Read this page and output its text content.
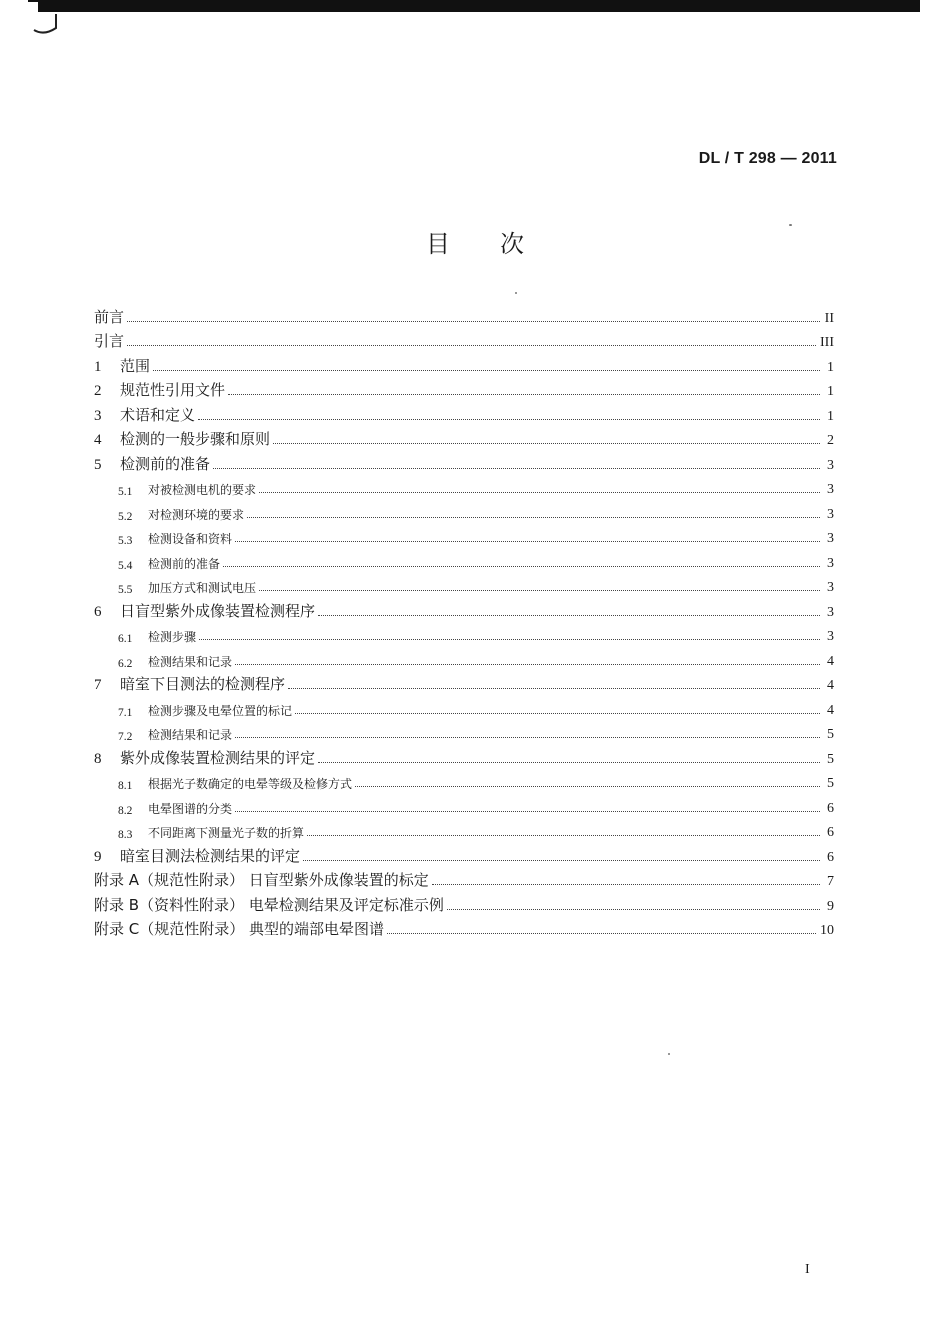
DL / T 298 — 2011
目次
前言	II
引言	III
1	范围	1
2	规范性引用文件	1
3	术语和定义	1
4	检测的一般步骤和原则	2
5	检测前的准备	3
5.1	对被检测电机的要求	3
5.2	对检测环境的要求	3
5.3	检测设备和资料	3
5.4	检测前的准备	3
5.5	加压方式和测试电压	3
6	日盲型紫外成像装置检测程序	3
6.1	检测步骤	3
6.2	检测结果和记录	4
7	暗室下目测法的检测程序	4
7.1	检测步骤及电晕位置的标记	4
7.2	检测结果和记录	5
8	紫外成像装置检测结果的评定	5
8.1	根据光子数确定的电晕等级及检修方式	5
8.2	电晕图谱的分类	6
8.3	不同距离下测量光子数的折算	6
9	暗室目测法检测结果的评定	6
附录 A（规范性附录） 日盲型紫外成像装置的标定	7
附录 B（资料性附录） 电晕检测结果及评定标准示例	9
附录 C（规范性附录） 典型的端部电晕图谱	10
I
